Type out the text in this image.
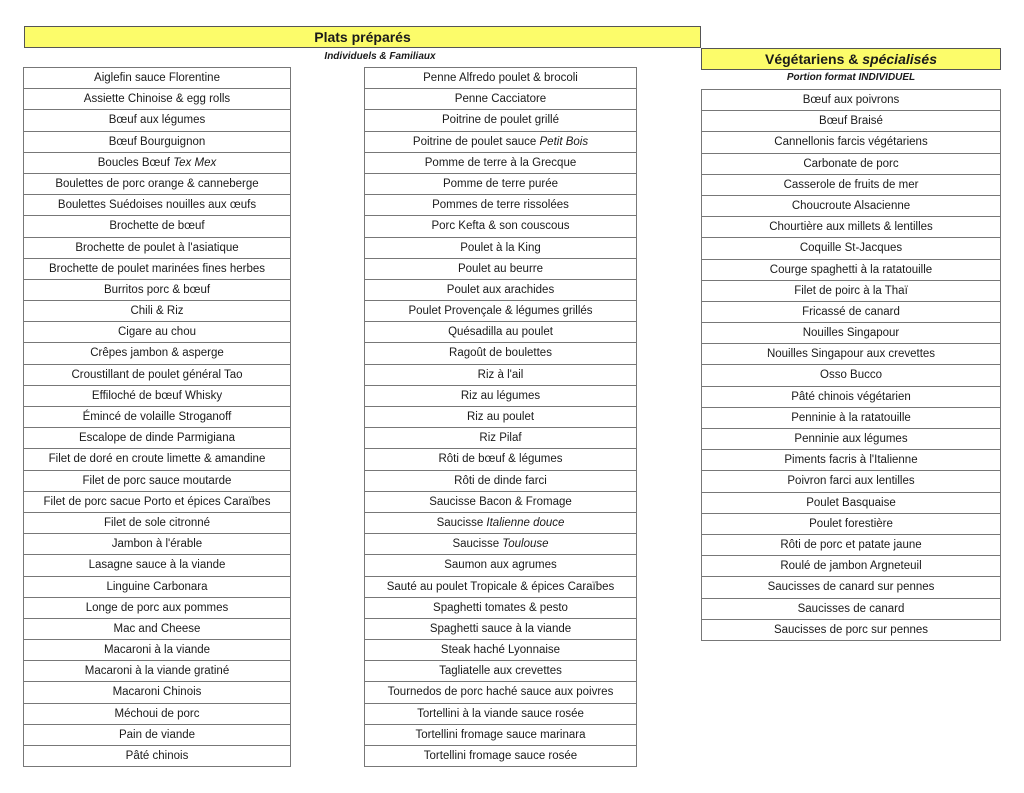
Plats préparés
Individuels & Familiaux	Végétariens & spécialisés
Portion format INDIVIDUEL
Aiglefin sauce Florentine
Assiette Chinoise & egg rolls
Bœuf aux légumes
Bœuf Bourguignon
Boucles Bœuf Tex Mex
Boulettes de porc orange & canneberge
Boulettes Suédoises nouilles aux œufs
Brochette de bœuf
Brochette de poulet à l'asiatique
Brochette de poulet marinées fines herbes
Burritos porc & bœuf
Chili & Riz
Cigare au chou
Crêpes jambon & asperge
Croustillant de poulet général Tao
Effiloché de bœuf Whisky
Émincé de volaille Stroganoff
Escalope de dinde Parmigiana
Filet de doré en croute limette & amandine
Filet de porc sauce moutarde
Filet de porc sacue Porto et épices Caraïbes
Filet de sole citronné
Jambon à l'érable
Lasagne sauce à la viande
Linguine Carbonara
Longe de porc aux pommes
Mac and Cheese
Macaroni à la viande
Macaroni à la viande gratiné
Macaroni Chinois
Méchoui de porc
Pain de viande
Pâté chinois
Penne Alfredo poulet & brocoli
Penne Cacciatore
Poitrine de poulet grillé
Poitrine de poulet sauce Petit Bois
Pomme de terre à la Grecque
Pomme de terre purée
Pommes de terre rissolées
Porc Kefta & son couscous
Poulet à la King
Poulet au beurre
Poulet aux arachides
Poulet Provençale & légumes grillés
Quésadilla au poulet
Ragoût de boulettes
Riz à l'ail
Riz au légumes
Riz au poulet
Riz Pilaf
Rôti de bœuf & légumes
Rôti de dinde farci
Saucisse Bacon & Fromage
Saucisse Italienne douce
Saucisse Toulouse
Saumon aux agrumes
Sauté au poulet Tropicale & épices Caraïbes
Spaghetti tomates & pesto
Spaghetti sauce à la viande
Steak haché Lyonnaise
Tagliatelle aux crevettes
Tournedos de porc haché sauce aux poivres
Tortellini à la viande sauce rosée
Tortellini fromage sauce marinara
Tortellini fromage sauce rosée
Bœuf aux poivrons
Bœuf Braisé
Cannellonis farcis végétariens
Carbonate de porc
Casserole de fruits de mer
Choucroute Alsacienne
Chourtière aux millets & lentilles
Coquille St-Jacques
Courge spaghetti à la ratatouille
Filet de poirc à la Thaï
Fricassé de canard
Nouilles Singapour
Nouilles Singapour aux crevettes
Osso Bucco
Pâté chinois végétarien
Penninie à la ratatouille
Penninie aux légumes
Piments facris à l'Italienne
Poivron farci aux lentilles
Poulet Basquaise
Poulet forestière
Rôti de porc et patate jaune
Roulé de jambon Argneteuil
Saucisses de canard sur pennes
Saucisses de canard
Saucisses de porc sur pennes
